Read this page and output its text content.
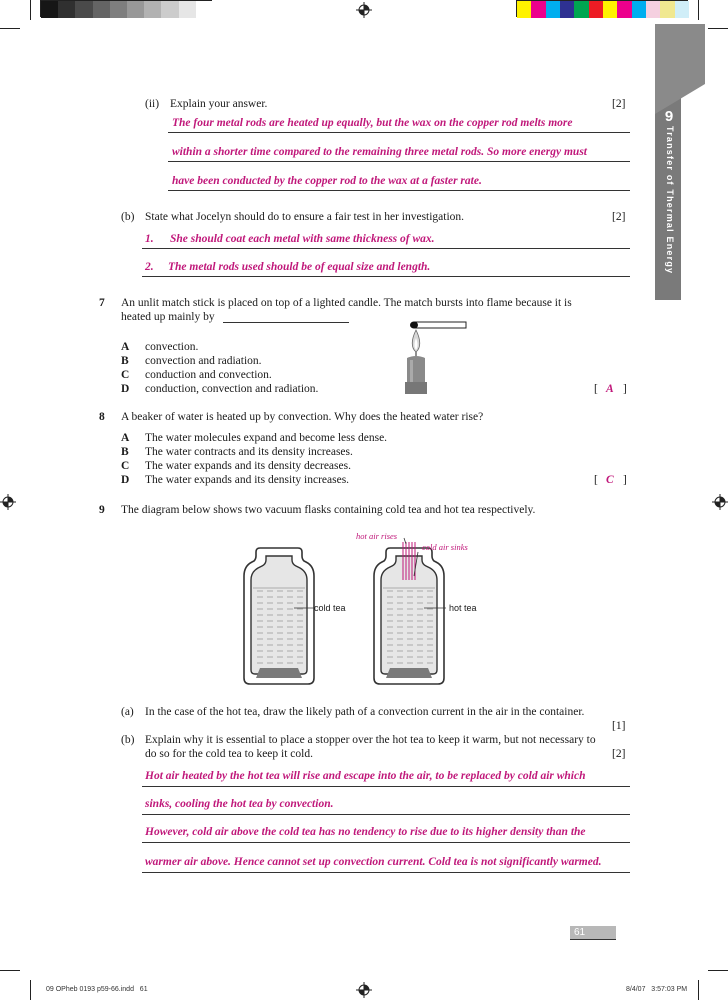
9
Transfer of Thermal Energy
(ii) Explain your answer.	[2]
The four metal rods are heated up equally, but the wax on the copper rod melts more
within a shorter time compared to the remaining three metal rods. So more energy must
have been conducted by the copper rod to the wax at a faster rate.
(b) State what Jocelyn should do to ensure a fair test in her investigation.	[2]
1. She should coat each metal with same thickness of wax.
2. The metal rods used should be of equal size and length.
7 An unlit match stick is placed on top of a lighted candle. The match bursts into flame because it is
heated up mainly by
A convection.
B convection and radiation.
C conduction and convection.
D conduction, convection and radiation.	[ A ]
8 A beaker of water is heated up by convection. Why does the heated water rise?
A The water molecules expand and become less dense.
B The water contracts and its density increases.
C The water expands and its density decreases.
D The water expands and its density increases.	[ C ]
9 The diagram below shows two vacuum flasks containing cold tea and hot tea respectively.
hot air rises
cold air sinks
cold tea	hot tea
(a) In the case of the hot tea, draw the likely path of a convection current in the air in the container.
[1]
(b) Explain why it is essential to place a stopper over the hot tea to keep it warm, but not necessary to
do so for the cold tea to keep it cold.	[2]
Hot air heated by the hot tea will rise and escape into the air, to be replaced by cold air which
sinks, cooling the hot tea by convection.
However, cold air above the cold tea has no tendency to rise due to its higher density than the
warmer air above. Hence cannot set up convection current. Cold tea is not significantly warmed.
61
09 OPheb 0193 p59-66.indd   61	8/4/07   3:57:03 PM
